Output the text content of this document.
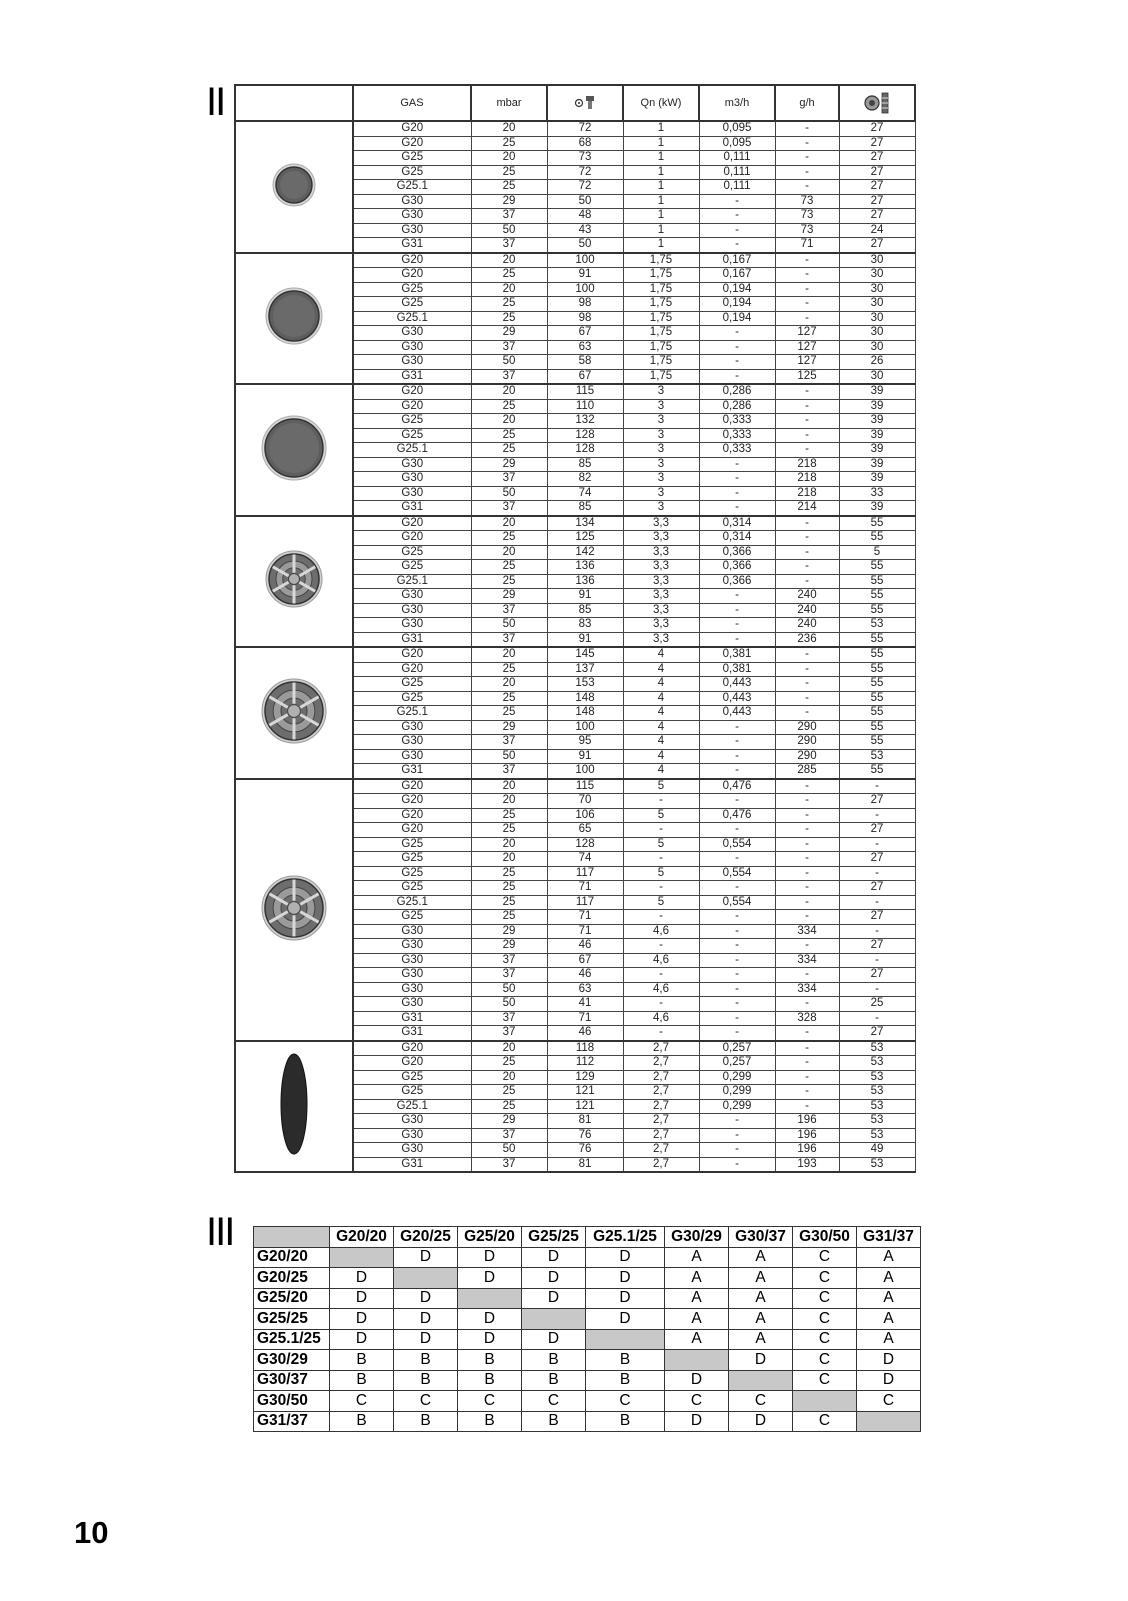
II
III
	GAS	mbar		Qn (kW)	m3/h	g/h	
	G20	20	72	1	0,095	-	27
	G20	25	68	1	0,095	-	27
	G25	20	73	1	0,111	-	27
	G25	25	72	1	0,111	-	27
	G25.1	25	72	1	0,111	-	27
	G30	29	50	1	-	73	27
	G30	37	48	1	-	73	27
	G30	50	43	1	-	73	24
	G31	37	50	1	-	71	27
	G20	20	100	1,75	0,167	-	30
	G20	25	91	1,75	0,167	-	30
	G25	20	100	1,75	0,194	-	30
	G25	25	98	1,75	0,194	-	30
	G25.1	25	98	1,75	0,194	-	30
	G30	29	67	1,75	-	127	30
	G30	37	63	1,75	-	127	30
	G30	50	58	1,75	-	127	26
	G31	37	67	1,75	-	125	30
	G20	20	115	3	0,286	-	39
	G20	25	110	3	0,286	-	39
	G25	20	132	3	0,333	-	39
	G25	25	128	3	0,333	-	39
	G25.1	25	128	3	0,333	-	39
	G30	29	85	3	-	218	39
	G30	37	82	3	-	218	39
	G30	50	74	3	-	218	33
	G31	37	85	3	-	214	39
	G20	20	134	3,3	0,314	-	55
	G20	25	125	3,3	0,314	-	55
	G25	20	142	3,3	0,366	-	5
	G25	25	136	3,3	0,366	-	55
	G25.1	25	136	3,3	0,366	-	55
	G30	29	91	3,3	-	240	55
	G30	37	85	3,3	-	240	55
	G30	50	83	3,3	-	240	53
	G31	37	91	3,3	-	236	55
	G20	20	145	4	0,381	-	55
	G20	25	137	4	0,381	-	55
	G25	20	153	4	0,443	-	55
	G25	25	148	4	0,443	-	55
	G25.1	25	148	4	0,443	-	55
	G30	29	100	4	-	290	55
	G30	37	95	4	-	290	55
	G30	50	91	4	-	290	53
	G31	37	100	4	-	285	55
	G20	20	115	5	0,476	-	-
	G20	20	70	-	-	-	27
	G20	25	106	5	0,476	-	-
	G20	25	65	-	-	-	27
	G25	20	128	5	0,554	-	-
	G25	20	74	-	-	-	27
	G25	25	117	5	0,554	-	-
	G25	25	71	-	-	-	27
	G25.1	25	117	5	0,554	-	-
	G25	25	71	-	-	-	27
	G30	29	71	4,6	-	334	-
	G30	29	46	-	-	-	27
	G30	37	67	4,6	-	334	-
	G30	37	46	-	-	-	27
	G30	50	63	4,6	-	334	-
	G30	50	41	-	-	-	25
	G31	37	71	4,6	-	328	-
	G31	37	46	-	-	-	27
	G20	20	118	2,7	0,257	-	53
	G20	25	112	2,7	0,257	-	53
	G25	20	129	2,7	0,299	-	53
	G25	25	121	2,7	0,299	-	53
	G25.1	25	121	2,7	0,299	-	53
	G30	29	81	2,7	-	196	53
	G30	37	76	2,7	-	196	53
	G30	50	76	2,7	-	196	49
	G31	37	81	2,7	-	193	53
	G20/20	G20/25	G25/20	G25/25	G25.1/25	G30/29	G30/37	G30/50	G31/37
G20/20		D	D	D	D	A	A	C	A
G20/25	D		D	D	D	A	A	C	A
G25/20	D	D		D	D	A	A	C	A
G25/25	D	D	D		D	A	A	C	A
G25.1/25	D	D	D	D		A	A	C	A
G30/29	B	B	B	B	B		D	C	D
G30/37	B	B	B	B	B	D		C	D
G30/50	C	C	C	C	C	C	C		C
G31/37	B	B	B	B	B	D	D	C	
10
